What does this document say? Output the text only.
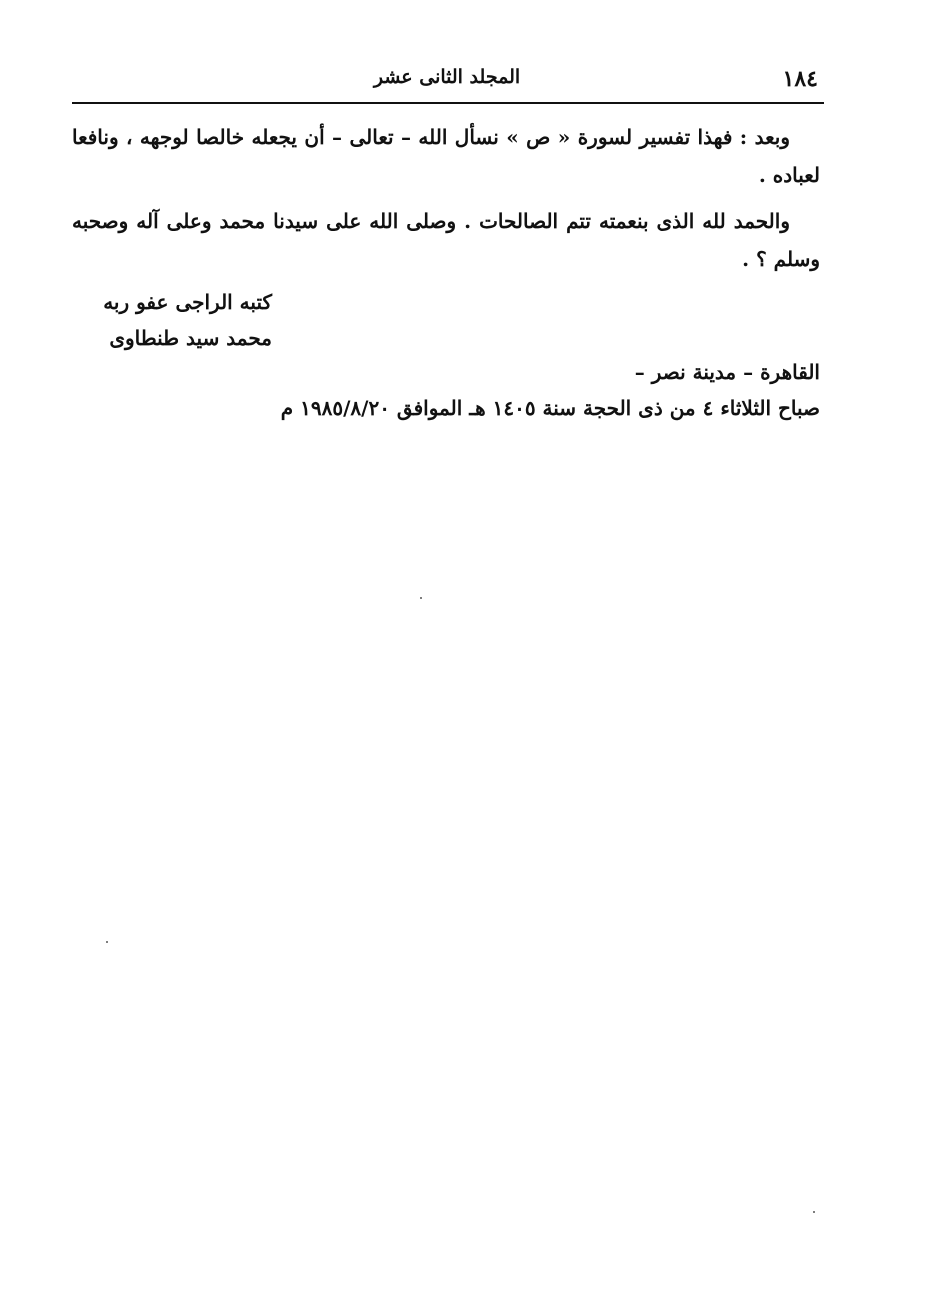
١٨٤
المجلد الثانى عشر

وبعد : فهذا تفسير لسورة « ص » نسأل الله – تعالى – أن يجعله خالصا لوجهه ، ونافعا لعباده .

والحمد لله الذى بنعمته تتم الصالحات . وصلى الله على سيدنا محمد وعلى آله وصحبه وسلم ؟ .

كتبه الراجى عفو ربه
محمد سيد طنطاوى
القاهرة – مدينة نصر –
صباح الثلاثاء ٤ من ذى الحجة سنة ١٤٠٥ هـ الموافق ١٩٨٥/٨/٢٠ م
